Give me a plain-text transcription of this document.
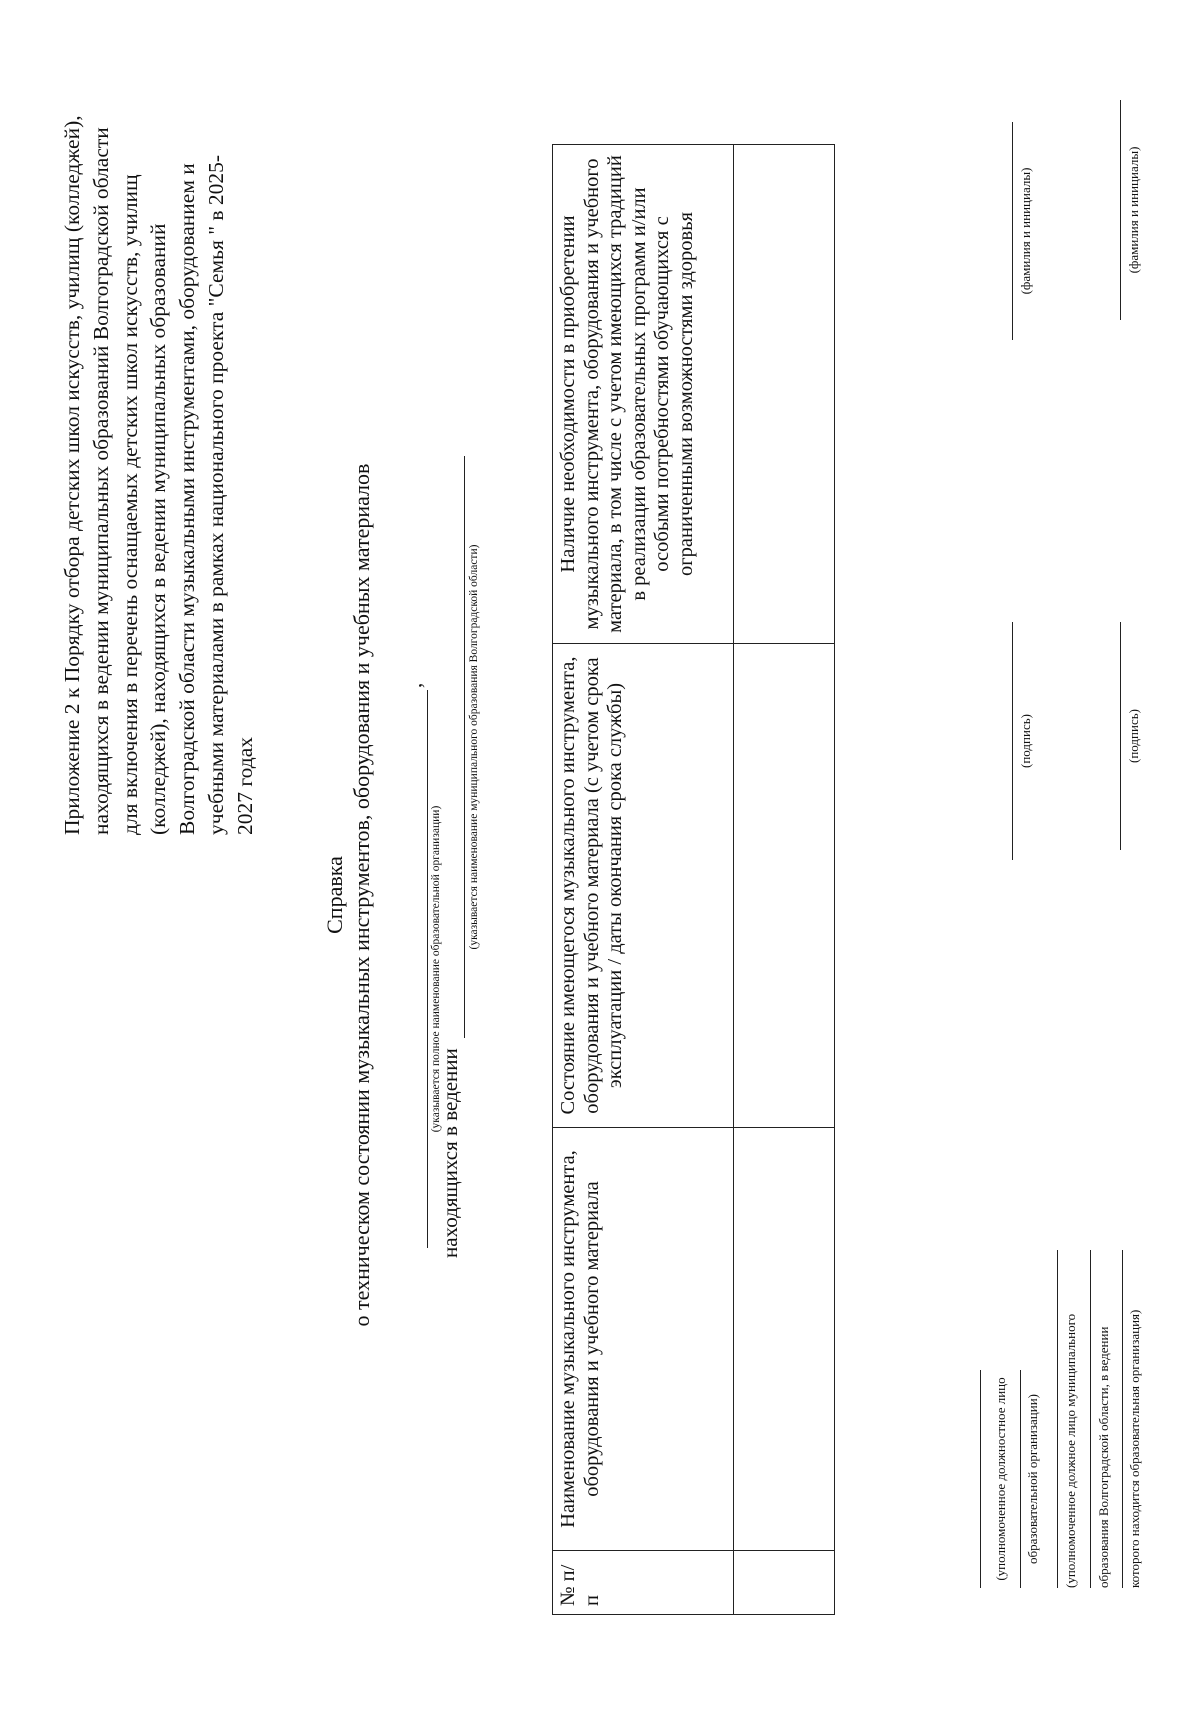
Приложение 2 к Порядку отбора детских школ искусств, училищ (колледжей), находящихся в ведении муниципальных образований Волгоградской области для включения в перечень оснащаемых детских школ искусств, училищ (колледжей), находящихся в ведении муниципальных образований Волгоградской области музыкальными инструментами, оборудованием и учебными материалами в рамках национального проекта "Семья " в 2025-2027 годах
Справка о техническом состоянии музыкальных инструментов, оборудования и учебных материалов ,
(указывается полное наименование образовательной организации)
находящихся в ведении
(указывается наименование муниципального образования Волгоградской области)
№ п/п	Наименование музыкального инструмента, оборудования и учебного материала	Состояние имеющегося музыкального инструмента, оборудования и учебного материала (с учетом срока эксплуатации / даты окончания срока службы)	Наличие необходимости в приобретении музыкального инструмента, оборудования и учебного материала, в том числе с учетом имеющихся традиций в реализации образовательных программ и/или особыми потребностями обучающихся с ограниченными возможностями здоровья

(уполномоченное должностное лицо образовательной организации)
(подпись)
(фамилия и инициалы)
(уполномоченное должное лицо муниципального образования Волгоградской области, в ведении которого находится образовательная организация)
(подпись)
(фамилия и инициалы)
